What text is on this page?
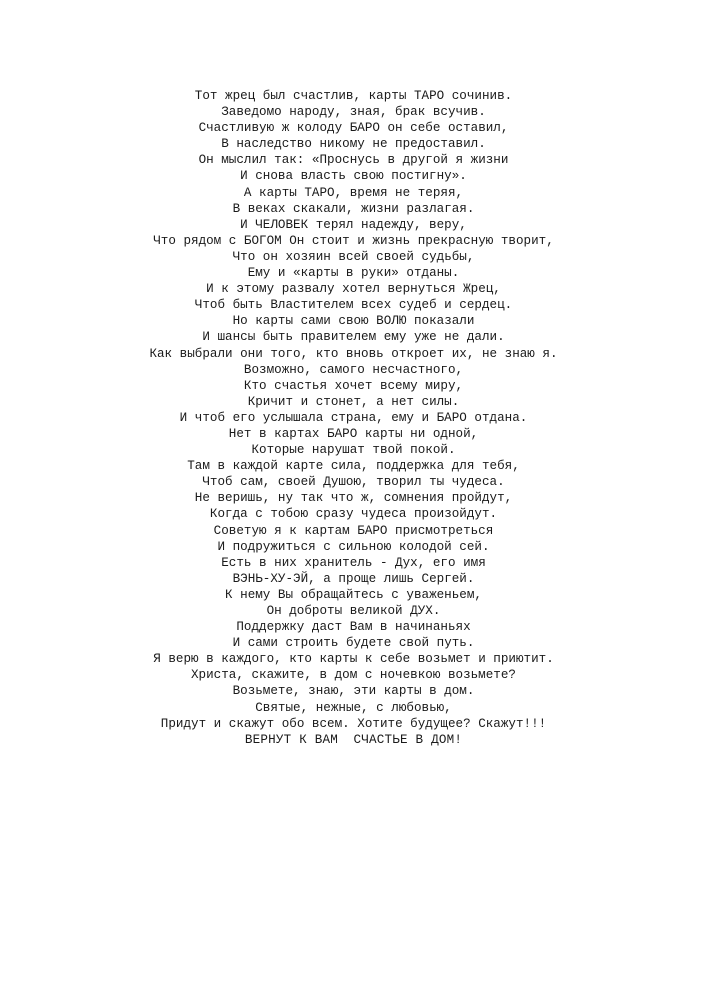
Тот жрец был счастлив, карты ТАРО сочинив.
Заведомо народу, зная, брак всучив.
Счастливую ж колоду БАРО он себе оставил,
В наследство никому не предоставил.
Он мыслил так: «Проснусь в другой я жизни
И снова власть свою постигну».
А карты ТАРО, время не теряя,
В веках скакали, жизни разлагая.
И ЧЕЛОВЕК терял надежду, веру,
Что рядом с БОГОМ Он стоит и жизнь прекрасную творит,
Что он хозяин всей своей судьбы,
Ему и «карты в руки» отданы.
И к этому развалу хотел вернуться Жрец,
Чтоб быть Властителем всех судеб и сердец.
Но карты сами свою ВОЛЮ показали
И шансы быть правителем ему уже не дали.
Как выбрали они того, кто вновь откроет их, не знаю я.
Возможно, самого несчастного,
Кто счастья хочет всему миру,
Кричит и стонет, а нет силы.
И чтоб его услышала страна, ему и БАРО отдана.
Нет в картах БАРО карты ни одной,
Которые нарушат твой покой.
Там в каждой карте сила, поддержка для тебя,
Чтоб сам, своей Душою, творил ты чудеса.
Не веришь, ну так что ж, сомнения пройдут,
Когда с тобою сразу чудеса произойдут.
Советую я к картам БАРО присмотреться
И подружиться с сильною колодой сей.
Есть в них хранитель - Дух, его имя
ВЭНЬ-ХУ-ЭЙ, а проще лишь Сергей.
К нему Вы обращайтесь с уваженьем,
Он доброты великой ДУХ.
Поддержку даст Вам в начинаньях
И сами строить будете свой путь.
Я верю в каждого, кто карты к себе возьмет и приютит.
Христа, скажите, в дом с ночевкою возьмете?
Возьмете, знаю, эти карты в дом.
Святые, нежные, с любовью,
Придут и скажут обо всем. Хотите будущее? Скажут!!!
ВЕРНУТ К ВАМ  СЧАСТЬЕ В ДОМ!
